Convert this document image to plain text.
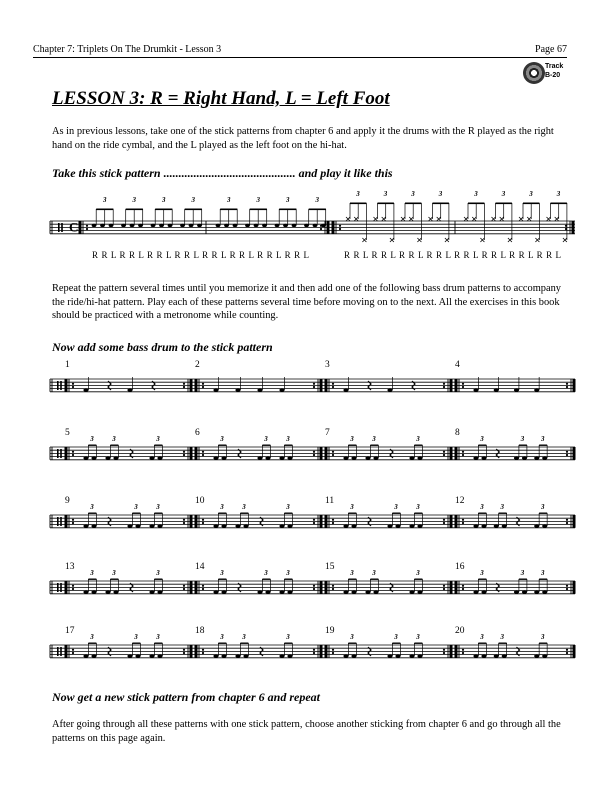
Chapter 7: Triplets On The Drumkit - Lesson 3	Page 67
Track
B-20
LESSON 3: R = Right Hand, L = Left Foot

As in previous lessons, take one of the stick patterns from chapter 6 and apply it the drums with the R played as the right hand on the ride cymbal, and the L played as the left foot on the hi-hat.

Take this stick pattern ............................................ and play it like this

C
3	3	3	3	3	3	3	3
3	3	3	3	3	3	3	3
1	2	3	4
5
3	3	3
6
3	3	3
7
3	3	3
8
3	3 3
9
3	3	3
10
3	3	3
11
3	3	3
12
3 3	3
13
3	3	3
14
3	3	3
15
3	3	3
16
3	3 3
17
3	3	3
18
3	3	3
19
3	3	3
20
3 3	3
R R L R R L R R L R R L R R L R R L R R L R R L	R R L R R L R R L R R L R R L R R L R R L R R L

Repeat the pattern several times until you memorize it and then add one of the following bass drum patterns to accompany the ride/hi-hat pattern. Play each of these patterns several time before moving on to the next. All the exercises in this book should be practiced with a metronome while counting.

Now add some bass drum to the stick pattern

Now get a new stick pattern from chapter 6 and repeat

After going through all these patterns with one stick pattern, choose another sticking from chapter 6 and go through all the patterns on this page again.
